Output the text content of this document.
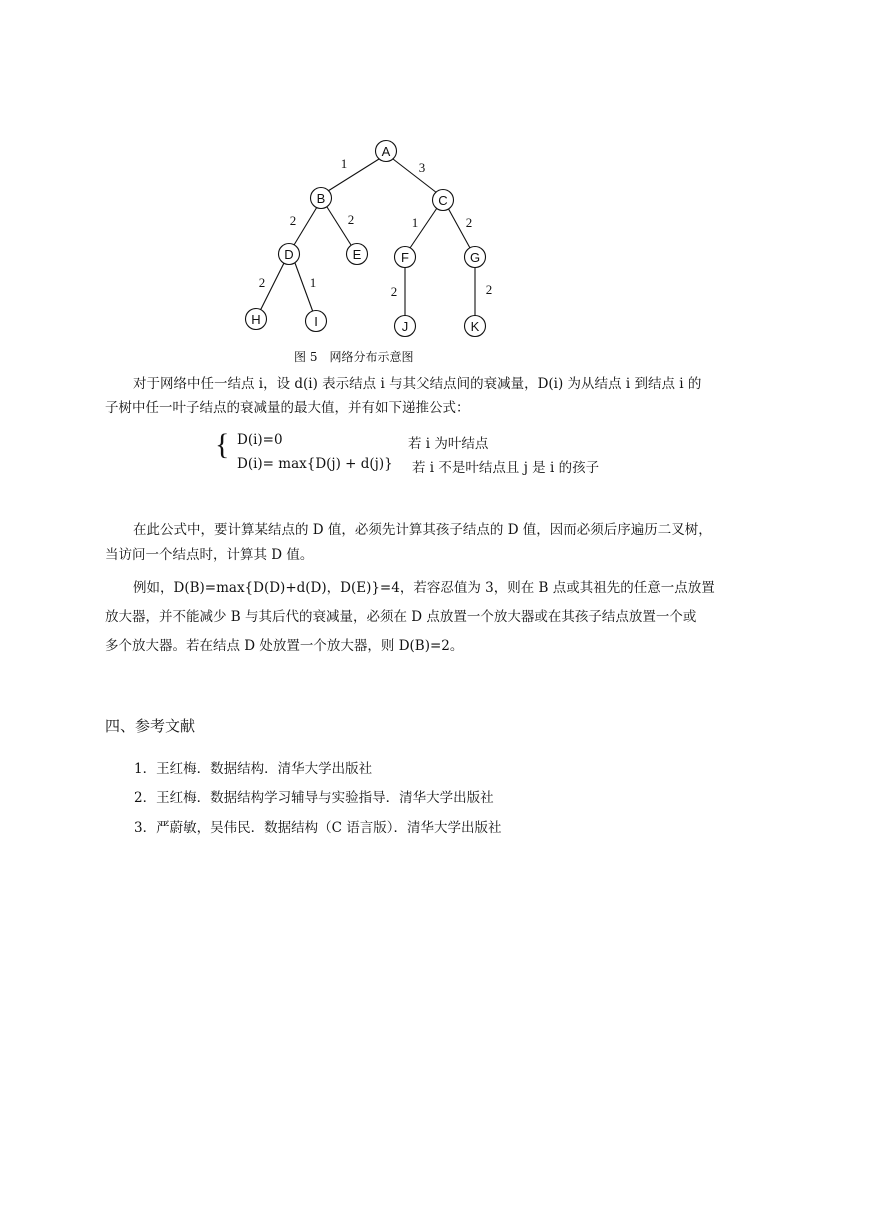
A
B	C
D	E	F	G
H	I	J	K
1	3
2	2	1	2
2	1
2	2
图 5　网络分布示意图
对于网络中任一结点 i，设 d(i) 表示结点 i 与其父结点间的衰减量，D(i) 为从结点 i 到结点 i 的
子树中任一叶子结点的衰减量的最大值，并有如下递推公式：
{ D(i)=0	若 i 为叶结点
D(i)= max{D(j) + d(j)} 若 i 不是叶结点且 j 是 i 的孩子
在此公式中，要计算某结点的 D 值，必须先计算其孩子结点的 D 值，因而必须后序遍历二叉树，
当访问一个结点时，计算其 D 值。
例如，D(B)=max{D(D)+d(D)，D(E)}=4，若容忍值为 3，则在 B 点或其祖先的任意一点放置
放大器，并不能减少 B 与其后代的衰减量，必须在 D 点放置一个放大器或在其孩子结点放置一个或
多个放大器。若在结点 D 处放置一个放大器，则 D(B)=2。
四、参考文献
1．王红梅．数据结构．清华大学出版社
2．王红梅．数据结构学习辅导与实验指导．清华大学出版社
3．严蔚敏，吴伟民．数据结构（C 语言版）．清华大学出版社
